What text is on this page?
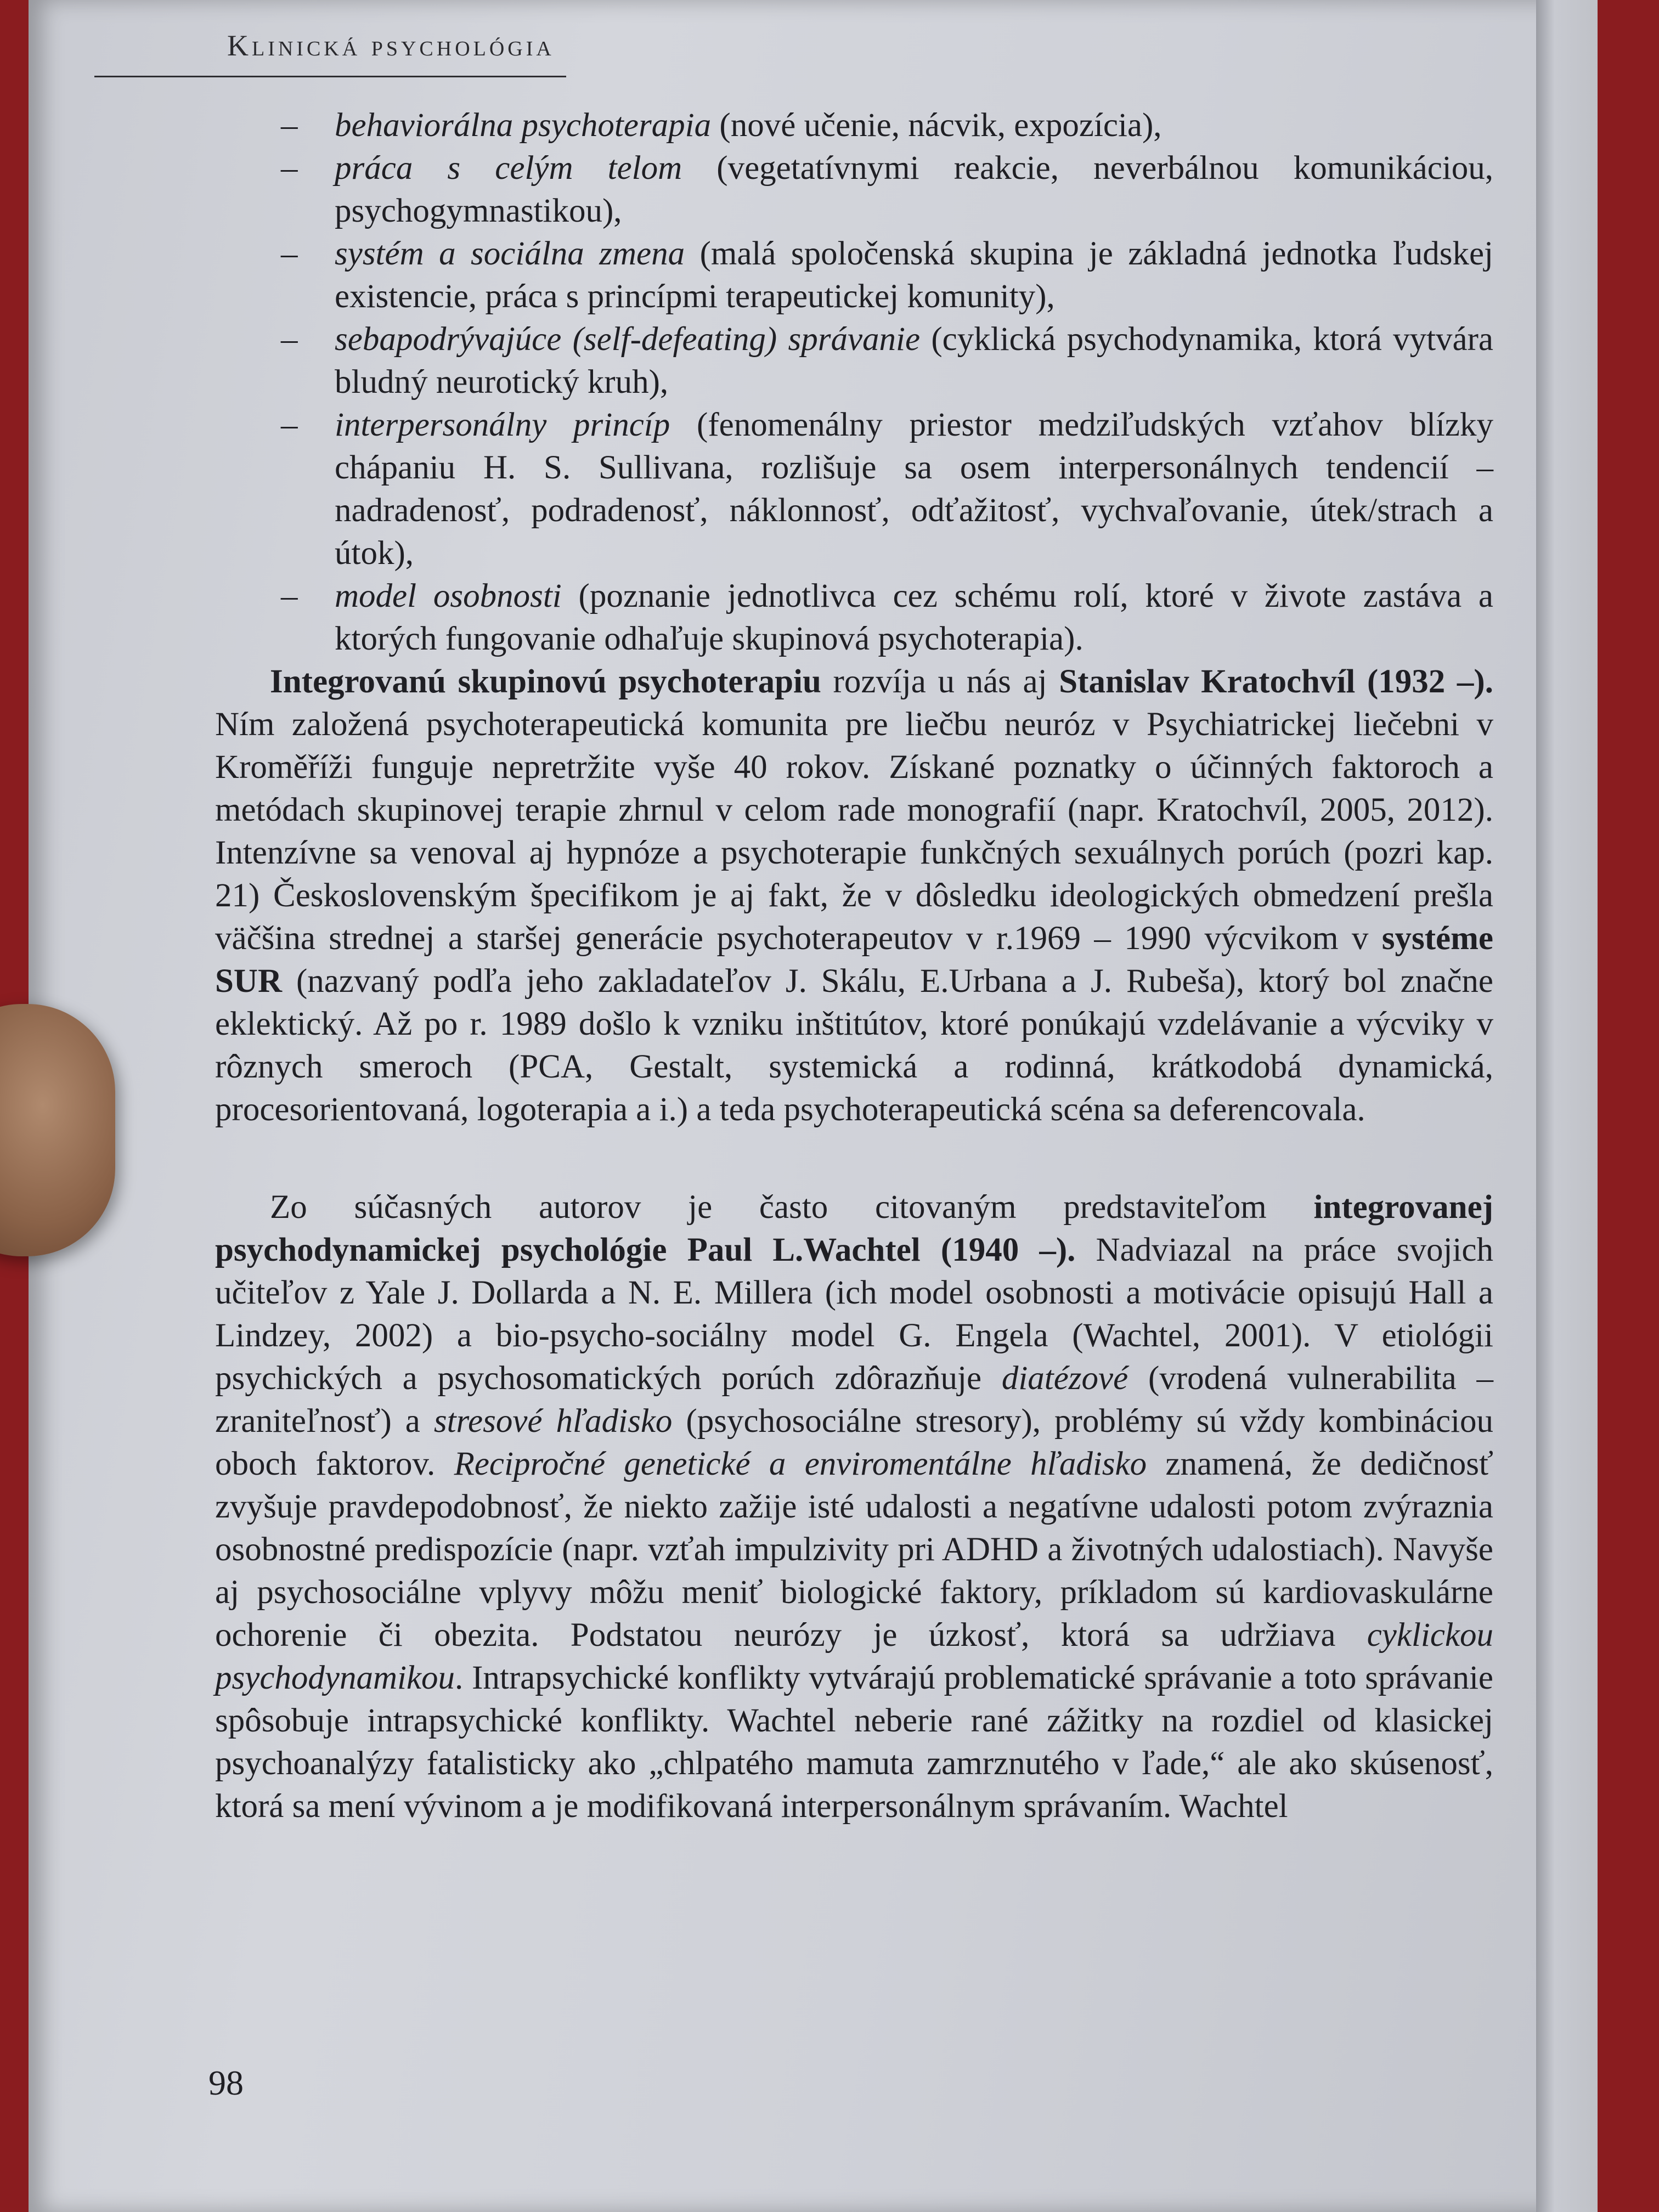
Klinická psychológia

– behaviorálna psychoterapia (nové učenie, nácvik, expozícia),

– práca s celým telom (vegetatívnymi reakcie, neverbálnou komunikáciou, psychogymnastikou),

– systém a sociálna zmena (malá spoločenská skupina je základná jednotka ľudskej existencie, práca s princípmi terapeutickej komunity),

– sebapodrývajúce (self-defeating) správanie (cyklická psychodynamika, ktorá vytvára bludný neurotický kruh),

– interpersonálny princíp (fenomenálny priestor medziľudských vzťahov blízky chápaniu H. S. Sullivana, rozlišuje sa osem interpersonálnych tendencií – nadradenosť, podradenosť, náklonnosť, odťažitosť, vychvaľovanie, útek/strach a útok),

– model osobnosti (poznanie jednotlivca cez schému rolí, ktoré v živote zastáva a ktorých fungovanie odhaľuje skupinová psychoterapia).

Integrovanú skupinovú psychoterapiu rozvíja u nás aj Stanislav Kratochvíl (1932 –). Ním založená psychoterapeutická komunita pre liečbu neuróz v Psychiatrickej liečebni v Kroměříži funguje nepretržite vyše 40 rokov. Získané poznatky o účinných faktoroch a metódach skupinovej terapie zhrnul v celom rade monografií (napr. Kratochvíl, 2005, 2012). Intenzívne sa venoval aj hypnóze a psychoterapie funkčných sexuálnych porúch (pozri kap. 21) Československým špecifikom je aj fakt, že v dôsledku ideologických obmedzení prešla väčšina strednej a staršej generácie psychoterapeutov v r.1969 – 1990 výcvikom v systéme SUR (nazvaný podľa jeho zakladateľov J. Skálu, E.Urbana a J. Rubeša), ktorý bol značne eklektický. Až po r. 1989 došlo k vzniku inštitútov, ktoré ponúkajú vzdelávanie a výcviky v rôznych smeroch (PCA, Gestalt, systemická a rodinná, krátkodobá dynamická, procesorientovaná, logoterapia a i.) a teda psychoterapeutická scéna sa deferencovala.

Zo súčasných autorov je často citovaným predstaviteľom integrovanej psychodynamickej psychológie Paul L.Wachtel (1940 –). Nadviazal na práce svojich učiteľov z Yale J. Dollarda a N. E. Millera (ich model osobnosti a motivácie opisujú Hall a Lindzey, 2002) a bio-psycho-sociálny model G. Engela (Wachtel, 2001). V etiológii psychických a psychosomatických porúch zdôrazňuje diatézové (vrodená vulnerabilita – zraniteľnosť) a stresové hľadisko (psychosociálne stresory), problémy sú vždy kombináciou oboch faktorov. Recipročné genetické a enviromentálne hľadisko znamená, že dedičnosť zvyšuje pravdepodobnosť, že niekto zažije isté udalosti a negatívne udalosti potom zvýraznia osobnostné predispozície (napr. vzťah impulzivity pri ADHD a životných udalostiach). Navyše aj psychosociálne vplyvy môžu meniť biologické faktory, príkladom sú kardiovaskulárne ochorenie či obezita. Podstatou neurózy je úzkosť, ktorá sa udržiava cyklickou psychodynamikou. Intrapsychické konflikty vytvárajú problematické správanie a toto správanie spôsobuje intrapsychické konflikty. Wachtel neberie rané zážitky na rozdiel od klasickej psychoanalýzy fatalisticky ako „chlpatého mamuta zamrznutého v ľade,“ ale ako skúsenosť, ktorá sa mení vývinom a je modifikovaná interpersonálnym správaním. Wachtel

98
